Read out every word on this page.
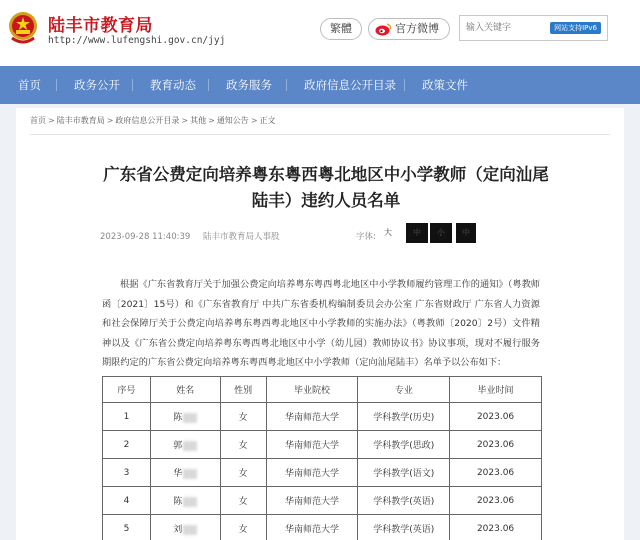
陆丰市教育局
http://www.lufengshi.gov.cn/jyj
繁體	官方微博
输入关键字	网站支持IPv6
首页	政务公开	教育动态	政务服务	政府信息公开目录 政策文件
首页 > 陆丰市教育局 > 政府信息公开目录 > 其他 > 通知公告 > 正文
广东省公费定向培养粤东粤西粤北地区中小学教师（定向汕尾陆丰）违约人员名单
2023-09-28 11:40:39 陆丰市教育局人事股	字体: 大	中	小	中
根据《广东省教育厅关于加强公费定向培养粤东粤西粤北地区中小学教师履约管理工作的通知》（粤教师函〔2021〕15号）和《广东省教育厅 中共广东省委机构编制委员会办公室 广东省财政厅 广东省人力资源和社会保障厅关于公费定向培养粤东粤西粤北地区中小学教师的实施办法》（粤教师〔2020〕2号）文件精神以及《广东省公费定向培养粤东粤西粤北地区中小学（幼儿园）教师协议书》协议事项，现对不履行服务期限约定的广东省公费定向培养粤东粤西粤北地区中小学教师（定向汕尾陆丰）名单予以公布如下：
序号	姓名	性别	毕业院校	专业	毕业时间
1	陈	女	华南师范大学	学科教学(历史)	2023.06
2	郭	女	华南师范大学	学科教学(思政)	2023.06
3	华	女	华南师范大学	学科教学(语文)	2023.06
4	陈	女	华南师范大学	学科教学(英语)	2023.06
5	刘	女	华南师范大学	学科教学(英语)	2023.06
